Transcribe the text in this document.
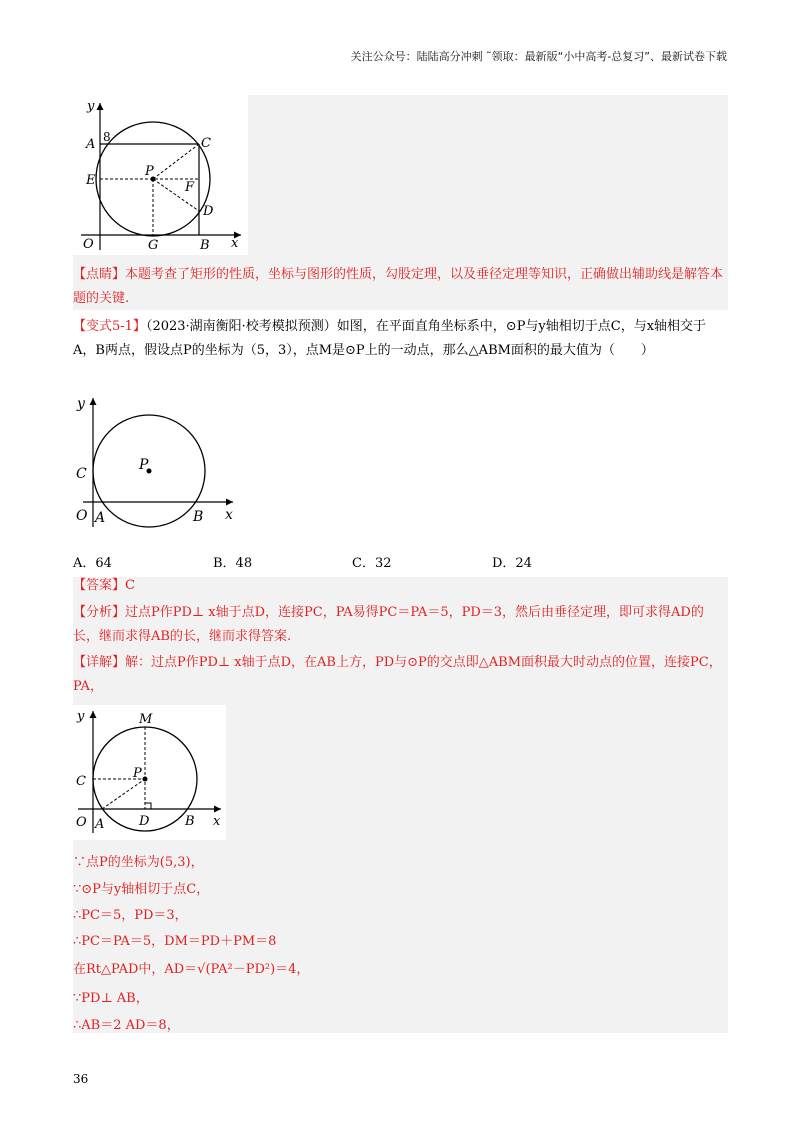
关注公众号：陆陆高分冲刺 ˜领取：最新版“小中高考-总复习”、最新试卷下载
y
A 8	C
E
P
F
D
O	G	B x
【点睛】本题考查了矩形的性质，坐标与图形的性质，勾股定理，以及垂径定理等知识，正确做出辅助线是解答本题的关键.
【变式5-1】（2023·湖南衡阳·校考模拟预测）如图，在平面直角坐标系中，⊙P与y轴相切于点C，与x轴相交于A，B两点，假设点P的坐标为（5，3），点M是⊙P上的一动点，那么△ABM面积的最大值为（　　）
y
C
P
O A	B x
A．64	B．48	C．32	D．24
【答案】C
【分析】过点P作PD⊥ x轴于点D，连接PC，PA易得PC＝PA＝5，PD＝3，然后由垂径定理，即可求得AD的长，继而求得AB的长，继而求得答案.
【详解】解：过点P作PD⊥ x轴于点D，在AB上方，PD与⊙P的交点即△ABM面积最大时动点的位置，连接PC，PA，
y	M
C
P
O A	D	B x
∵点P的坐标为(5,3)，
∵⊙P与y轴相切于点C，
∴PC＝5，PD＝3，
∴PC＝PA＝5，DM＝PD＋PM＝8
在Rt△PAD中，AD＝√(PA²－PD²)＝4，
∵PD⊥ AB，
∴AB＝2 AD＝8，
36
